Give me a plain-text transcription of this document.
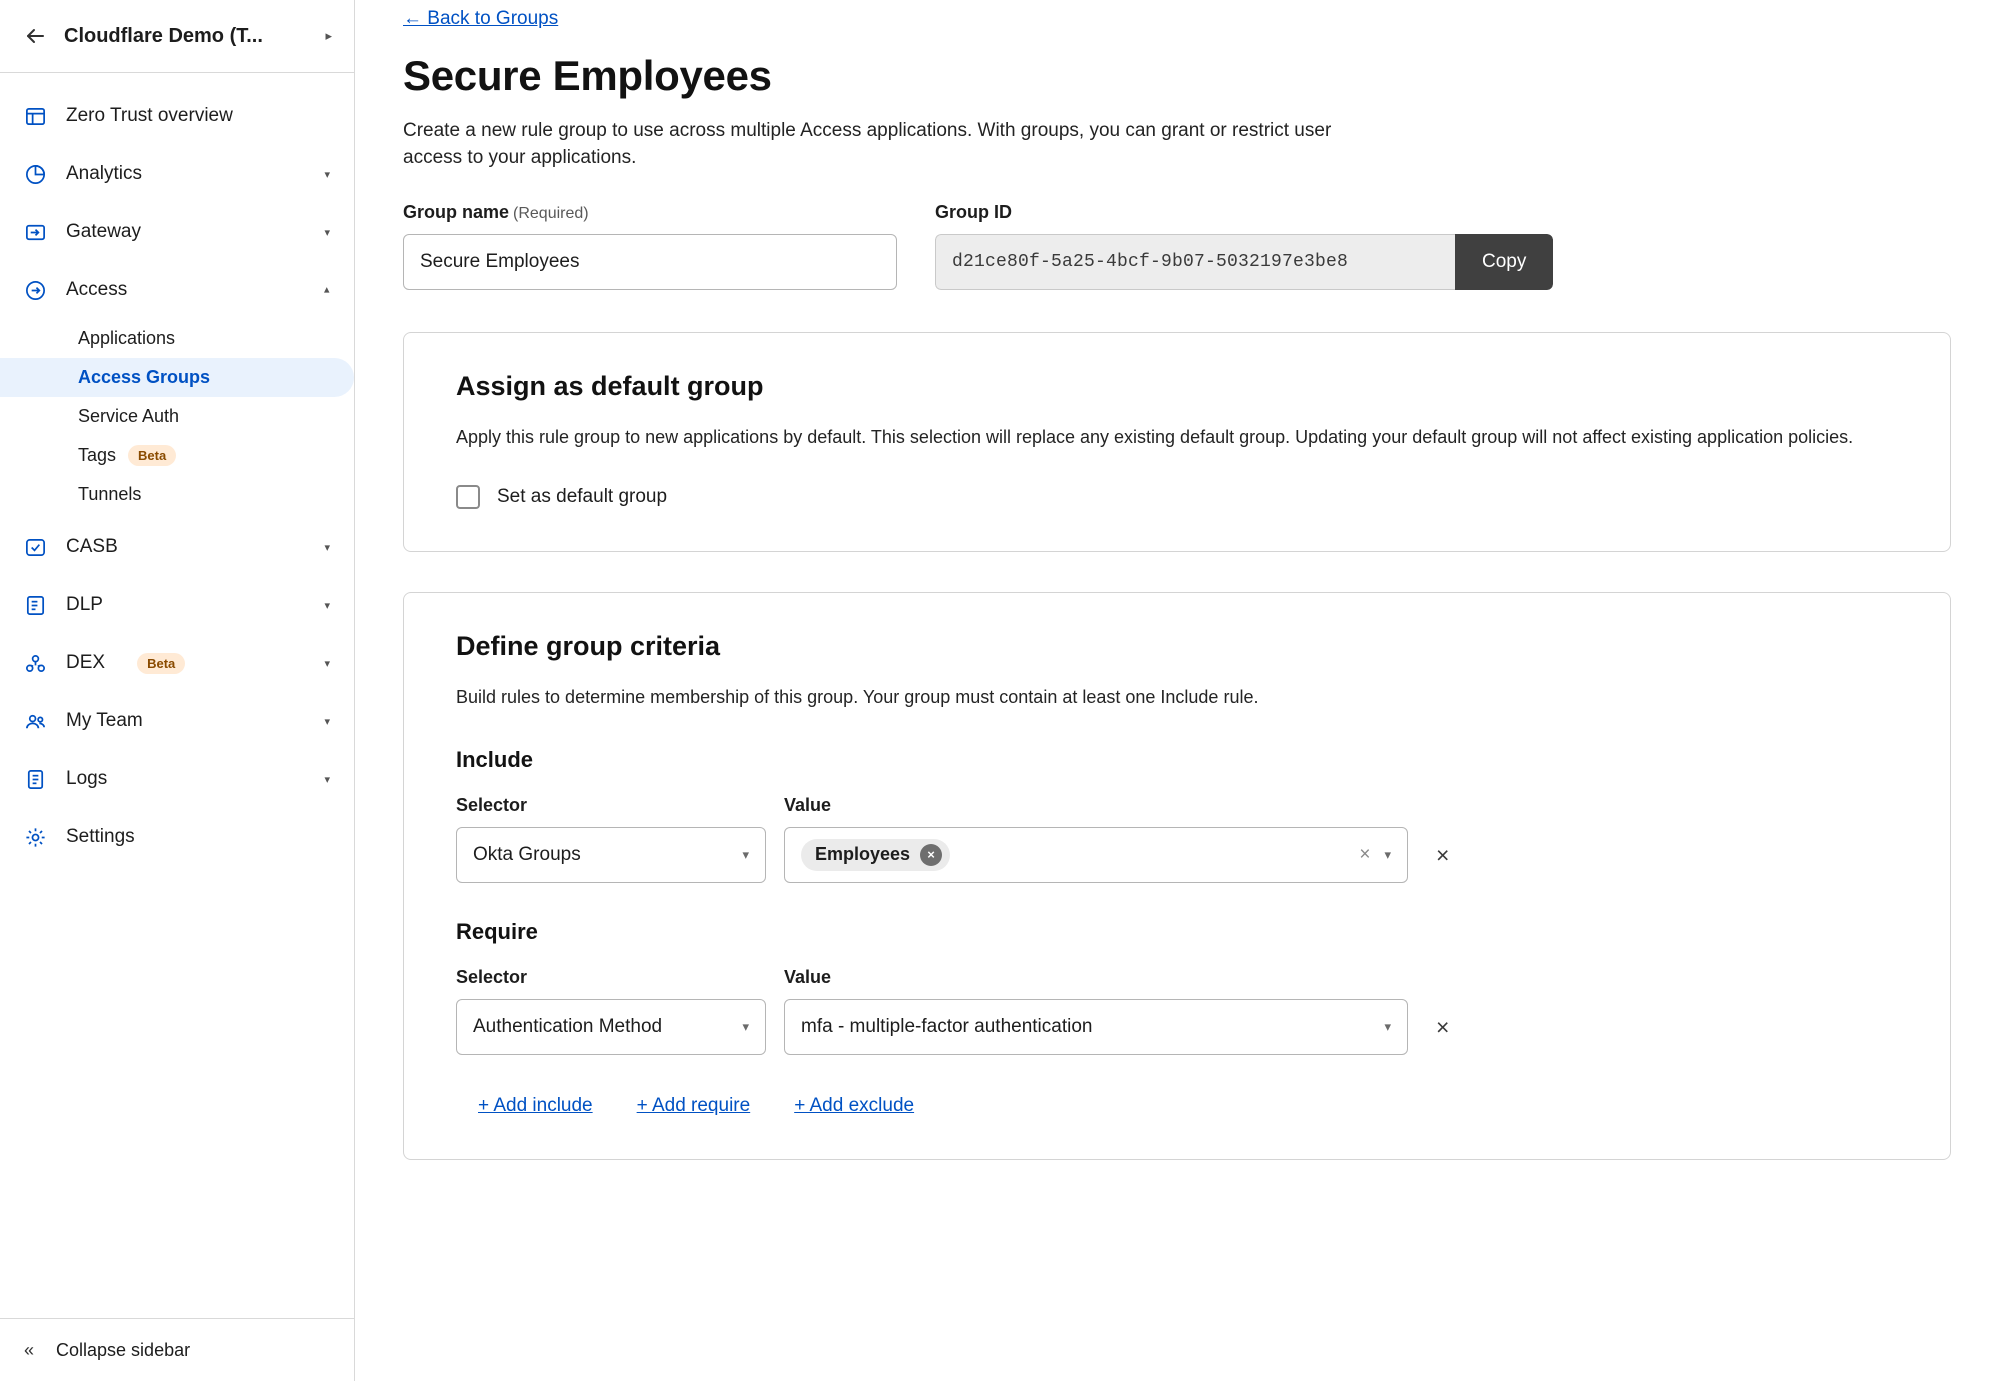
Cloudflare Demo (T...	▸
Zero Trust overview
Analytics	▾
Gateway	▾
Access	▾
Applications
Access Groups
Service Auth
Tags	Beta
Tunnels
CASB	▾
DLP	▾
DEX	Beta	▾
My Team	▾
Logs	▾
Settings
« Collapse sidebar
← Back to Groups
Secure Employees
Create a new rule group to use across multiple Access applications. With groups, you can grant or restrict user access to your applications.
Group name (Required)
Secure Employees	Group ID
d21ce80f-5a25-4bcf-9b07-5032197e3be8	Copy
Assign as default group

Apply this rule group to new applications by default. This selection will replace any existing default group. Updating your default group will not affect existing application policies.

Set as default group
Define group criteria

Build rules to determine membership of this group. Your group must contain at least one Include rule.

Include
Selector
Okta Groups	▾
Value
Employees	×	×	▾	×
Require
Selector
Authentication Method	▾
Value
mfa - multiple-factor authentication	▾	×
+ Add include + Add require + Add exclude
